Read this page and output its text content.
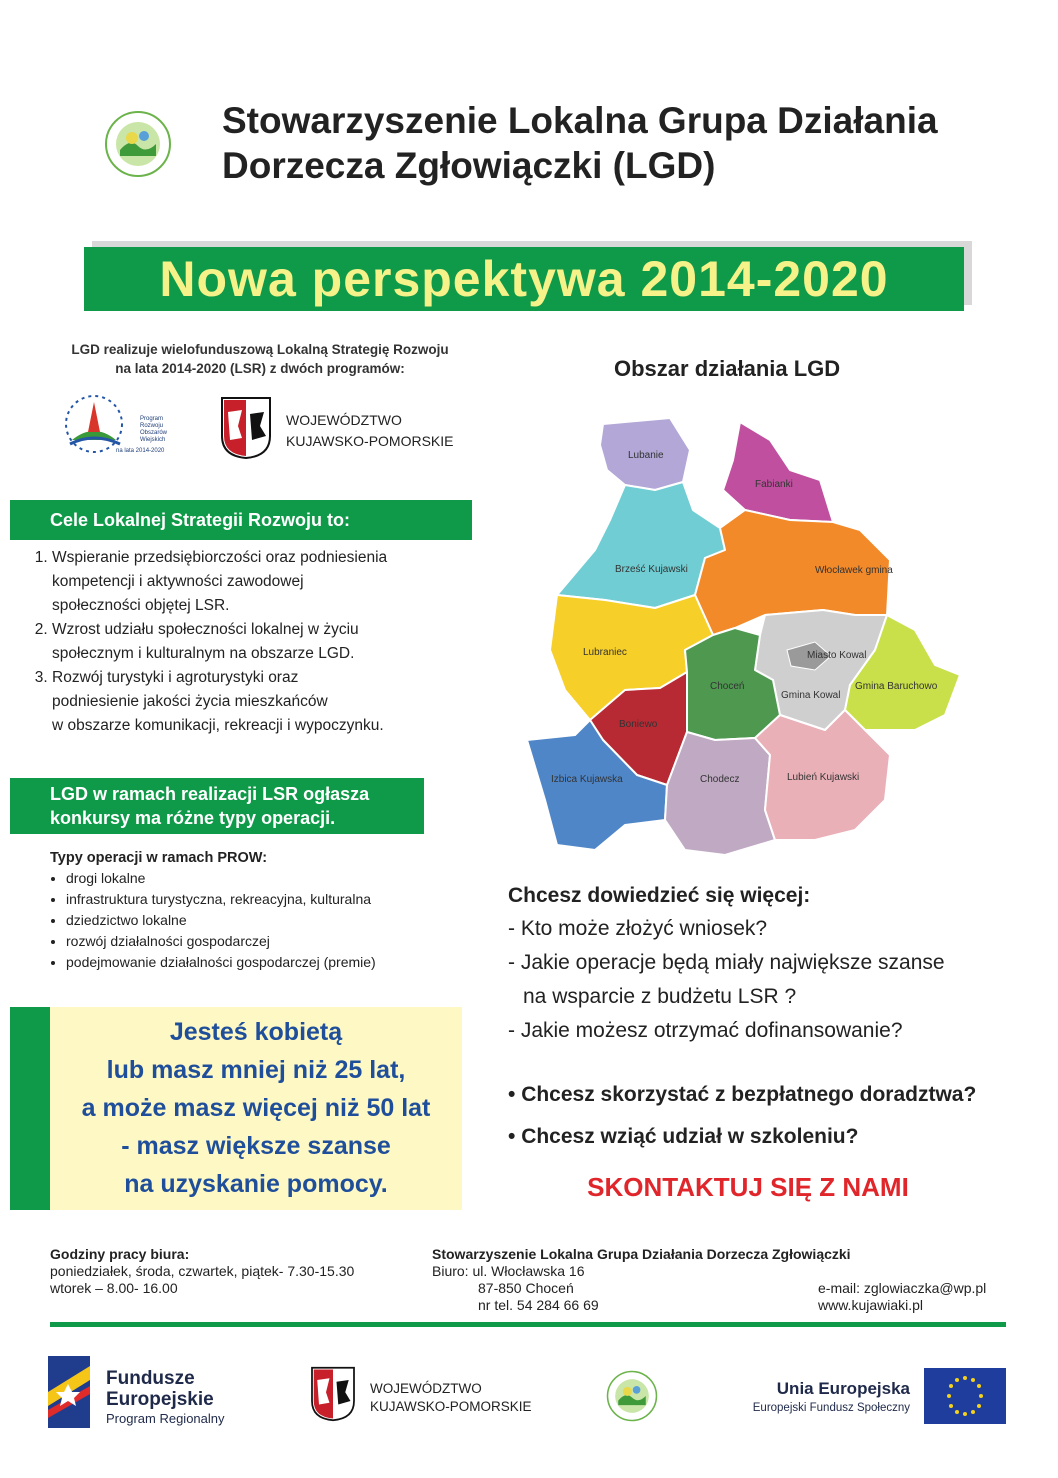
Stowarzyszenie Lokalna Grupa Działania
Dorzecza Zgłowiączki (LGD)
Nowa perspektywa 2014-2020
LGD realizuje wielofunduszową Lokalną Strategię Rozwoju
na lata 2014-2020 (LSR) z dwóch programów:
Program
Rozwoju
Obszarów
Wiejskich
na lata 2014-2020
WOJEWÓDZTWO
KUJAWSKO-POMORSKIE
Cele Lokalnej Strategii Rozwoju to:
1. Wspieranie przedsiębiorczości oraz podniesienia
kompetencji i aktywności zawodowej
społeczności objętej LSR.
2. Wzrost udziału społeczności lokalnej w życiu
społecznym i kulturalnym na obszarze LGD.
3. Rozwój turystyki i agroturystyki oraz
podniesienie jakości życia mieszkańców
w obszarze komunikacji, rekreacji i wypoczynku.
LGD w ramach realizacji LSR ogłasza
konkursy ma różne typy operacji.
Typy operacji w ramach PROW:
• drogi lokalne
• infrastruktura turystyczna, rekreacyjna, kulturalna
• dziedzictwo lokalne
• rozwój działalności gospodarczej
• podejmowanie działalności gospodarczej (premie)
Jesteś kobietą
lub masz mniej niż 25 lat,
a może masz więcej niż 50 lat
- masz większe szanse
na uzyskanie pomocy.
Obszar działania LGD
Lubanie
Fabianki
Brześć Kujawski	Włocławek gmina
Lubraniec	Miasto Kowal
Gmina Kowal
Choceń	Gmina Baruchowo
Boniewo
Izbica Kujawska	Chodecz	Lubień Kujawski
Chcesz dowiedzieć się więcej:
- Kto może złożyć wniosek?
- Jakie operacje będą miały największe szanse
na wsparcie z budżetu LSR ?
- Jakie możesz otrzymać dofinansowanie?
• Chcesz skorzystać z bezpłatnego doradztwa?
• Chcesz wziąć udział w szkoleniu?
SKONTAKTUJ SIĘ Z NAMI
Godziny pracy biura:
poniedziałek, środa, czwartek, piątek- 7.30-15.30
wtorek – 8.00- 16.00
Stowarzyszenie Lokalna Grupa Działania Dorzecza Zgłowiączki
Biuro: ul. Włocławska 16
87-850 Choceń
nr tel. 54 284 66 69
e-mail: zglowiaczka@wp.pl
www.kujawiaki.pl
Fundusze
Europejskie
Program Regionalny
WOJEWÓDZTWO
KUJAWSKO-POMORSKIE
Unia Europejska
Europejski Fundusz Społeczny
